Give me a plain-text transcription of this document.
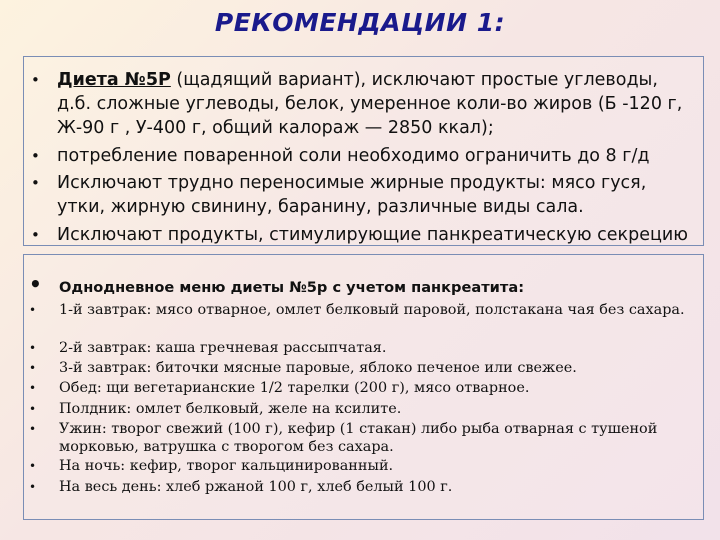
РЕКОМЕНДАЦИИ 1:
• Диета №5Р (щадящий вариант), исключают простые углеводы, д.б. сложные углеводы, белок, умеренное коли-во жиров (Б -120 г, Ж-90 г , У-400 г, общий калораж — 2850 ккал);
• потребление поваренной соли необходимо ограничить до 8 г/д
• Исключают трудно переносимые жирные продукты: мясо гуся, утки, жирную свинину, баранину, различные виды сала.
• Исключают продукты, стимулирующие панкреатическую секрецию
• Однодневное меню диеты №5р с учетом панкреатита:
• 1-й завтрак: мясо отварное, омлет белковый паровой, полстакана чая без сахара.
• 2-й завтрак: каша гречневая рассыпчатая.
• 3-й завтрак: биточки мясные паровые, яблоко печеное или свежее.
• Обед: щи вегетарианские 1/2 тарелки (200 г), мясо отварное.
• Полдник: омлет белковый, желе на ксилите.
• Ужин: творог свежий (100 г), кефир (1 стакан) либо рыба отварная с тушеной морковью, ватрушка с творогом без сахара.
• На ночь: кефир, творог кальцинированный.
• На весь день: хлеб ржаной 100 г, хлеб белый 100 г.
